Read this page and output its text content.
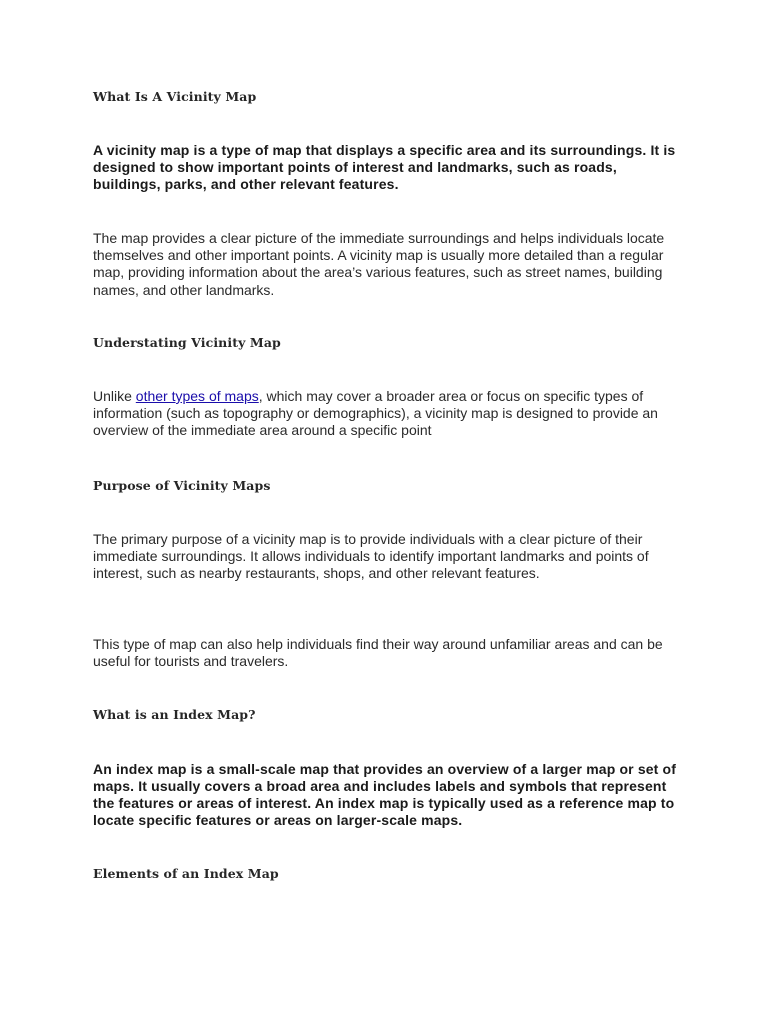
What Is A Vicinity Map

A vicinity map is a type of map that displays a specific area and its surroundings. It is designed to show important points of interest and landmarks, such as roads, buildings, parks, and other relevant features.

The map provides a clear picture of the immediate surroundings and helps individuals locate themselves and other important points. A vicinity map is usually more detailed than a regular map, providing information about the area’s various features, such as street names, building names, and other landmarks.

Understating Vicinity Map

Unlike other types of maps, which may cover a broader area or focus on specific types of information (such as topography or demographics), a vicinity map is designed to provide an overview of the immediate area around a specific point

Purpose of Vicinity Maps

The primary purpose of a vicinity map is to provide individuals with a clear picture of their immediate surroundings. It allows individuals to identify important landmarks and points of interest, such as nearby restaurants, shops, and other relevant features.

This type of map can also help individuals find their way around unfamiliar areas and can be useful for tourists and travelers.

What is an Index Map?

An index map is a small-scale map that provides an overview of a larger map or set of maps. It usually covers a broad area and includes labels and symbols that represent the features or areas of interest. An index map is typically used as a reference map to locate specific features or areas on larger-scale maps.

Elements of an Index Map
